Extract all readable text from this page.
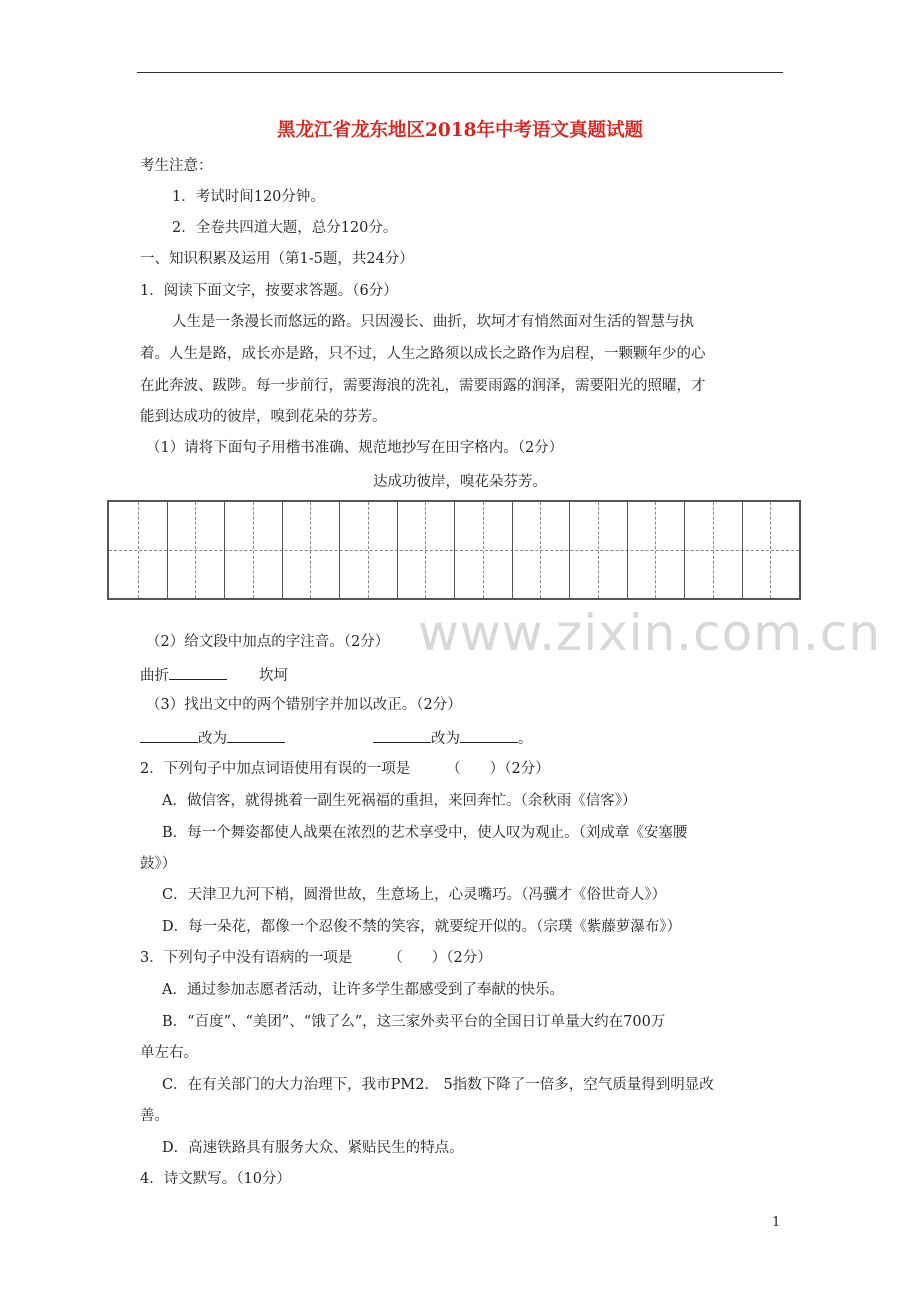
黑龙江省龙东地区2018年中考语文真题试题
考生注意：
1．考试时间120分钟。
2．全卷共四道大题，总分120分。
一、知识积累及运用（第1-5题，共24分）
1．阅读下面文字，按要求答题。（6分）
人生是一条漫长而悠远的路。只因漫长、曲折，坎坷才有悄然面对生活的智慧与执
着。人生是路，成长亦是路，只不过，人生之路须以成长之路作为启程，一颗颗年少的心
在此奔波、跋陟。每一步前行，需要海浪的洗礼，需要雨露的润泽，需要阳光的照曜，才
能到达成功的彼岸，嗅到花朵的芬芳。
（1）请将下面句子用楷书准确、规范地抄写在田字格内。（2分）
达成功彼岸，嗅花朵芬芳。
www.zixin.com.cn
（2）给文段中加点的字注音。（2分）
曲折	坎坷
（3）找出文中的两个错别字并加以改正。（2分）
改为	改为	。
2．下列句子中加点词语使用有误的一项是 （　　）（2分）
A．做信客，就得挑着一副生死祸福的重担，来回奔忙。（余秋雨《信客》）
B．每一个舞姿都使人战栗在浓烈的艺术享受中，使人叹为观止。（刘成章《安塞腰
鼓》）
C．天津卫九河下梢，圆滑世故，生意场上，心灵嘴巧。（冯骥才《俗世奇人》）
D．每一朵花，都像一个忍俊不禁的笑容，就要绽开似的。（宗璞《紫藤萝瀑布》）
3．下列句子中没有语病的一项是 （　　）（2分）
A．通过参加志愿者活动，让许多学生都感受到了奉献的快乐。
B．“百度”、“美团”、“饿了么”，这三家外卖平台的全国日订单量大约在700万
单左右。
C．在有关部门的大力治理下，我市PM2.　5指数下降了一倍多，空气质量得到明显改
善。
D．高速铁路具有服务大众、紧贴民生的特点。
4．诗文默写。（10分）
1
